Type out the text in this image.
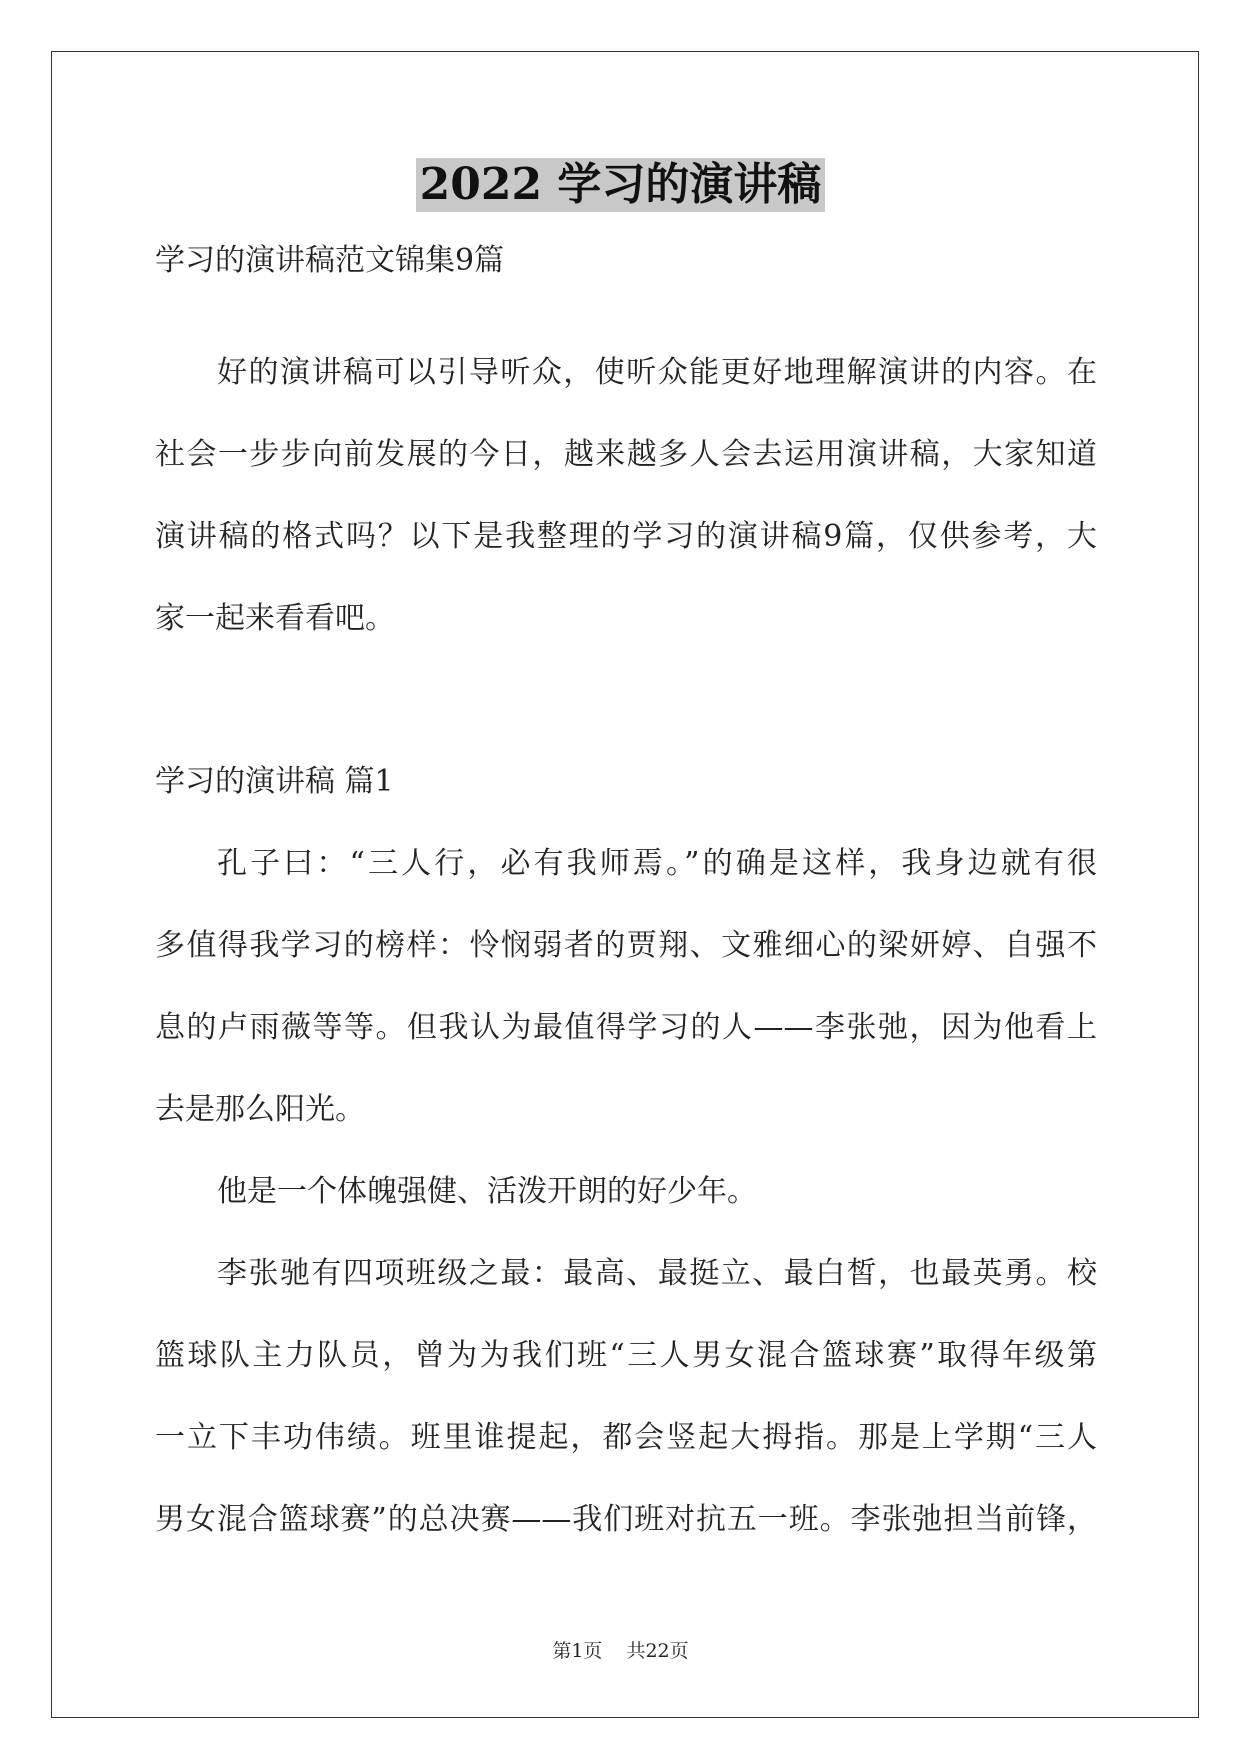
2022 学习的演讲稿
学习的演讲稿范文锦集9篇
好的演讲稿可以引导听众，使听众能更好地理解演讲的内容。在
社会一步步向前发展的今日，越来越多人会去运用演讲稿，大家知道
演讲稿的格式吗？以下是我整理的学习的演讲稿9篇，仅供参考，大
家一起来看看吧。
学习的演讲稿 篇1
孔子曰：“三人行，必有我师焉。”的确是这样，我身边就有很
多值得我学习的榜样：怜悯弱者的贾翔、文雅细心的梁妍婷、自强不
息的卢雨薇等等。但我认为最值得学习的人——李张弛，因为他看上
去是那么阳光。
他是一个体魄强健、活泼开朗的好少年。
李张驰有四项班级之最：最高、最挺立、最白皙，也最英勇。校
篮球队主力队员，曾为为我们班“三人男女混合篮球赛”取得年级第
一立下丰功伟绩。班里谁提起，都会竖起大拇指。那是上学期“三人
男女混合篮球赛”的总决赛——我们班对抗五一班。李张弛担当前锋，
第1页 共22页
